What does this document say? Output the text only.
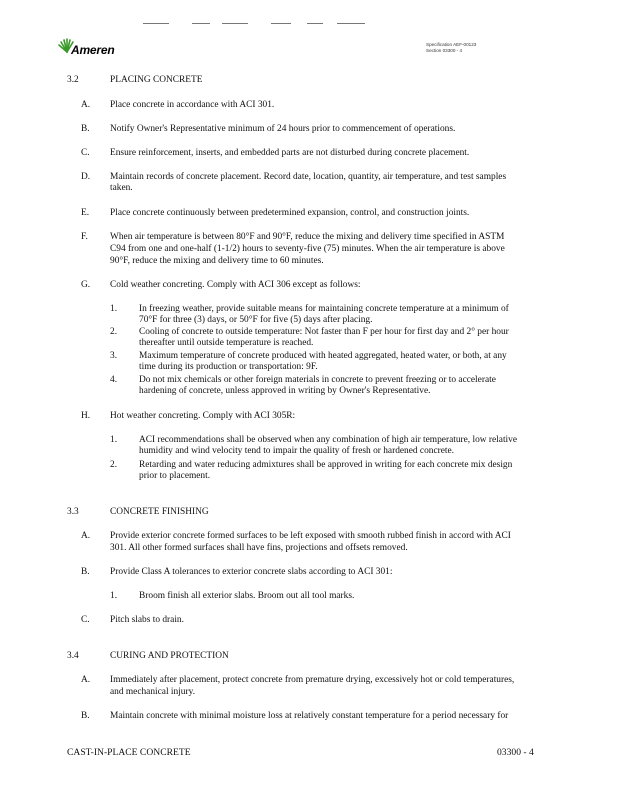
Ameren	Specification AEF-00123
Section 03300 - 4
3.2	PLACING CONCRETE
A. Place concrete in accordance with ACI 301.
B. Notify Owner's Representative minimum of 24 hours prior to commencement of operations.
C. Ensure reinforcement, inserts, and embedded parts are not disturbed during concrete placement.
D. Maintain records of concrete placement. Record date, location, quantity, air temperature, and test samples
taken.
E. Place concrete continuously between predetermined expansion, control, and construction joints.
F. When air temperature is between 80°F and 90°F, reduce the mixing and delivery time specified in ASTM
C94 from one and one-half (1-1/2) hours to seventy-five (75) minutes. When the air temperature is above
90°F, reduce the mixing and delivery time to 60 minutes.
G. Cold weather concreting. Comply with ACI 306 except as follows:
1. In freezing weather, provide suitable means for maintaining concrete temperature at a minimum of
70°F for three (3) days, or 50°F for five (5) days after placing.
2. Cooling of concrete to outside temperature: Not faster than F per hour for first day and 2° per hour
thereafter until outside temperature is reached.
3. Maximum temperature of concrete produced with heated aggregated, heated water, or both, at any
time during its production or transportation: 9F.
4. Do not mix chemicals or other foreign materials in concrete to prevent freezing or to accelerate
hardening of concrete, unless approved in writing by Owner's Representative.
H. Hot weather concreting. Comply with ACI 305R:
1. ACI recommendations shall be observed when any combination of high air temperature, low relative
humidity and wind velocity tend to impair the quality of fresh or hardened concrete.
2. Retarding and water reducing admixtures shall be approved in writing for each concrete mix design
prior to placement.
3.3	CONCRETE FINISHING
A. Provide exterior concrete formed surfaces to be left exposed with smooth rubbed finish in accord with ACI
301. All other formed surfaces shall have fins, projections and offsets removed.
B. Provide Class A tolerances to exterior concrete slabs according to ACI 301:
1. Broom finish all exterior slabs. Broom out all tool marks.
C. Pitch slabs to drain.
3.4	CURING AND PROTECTION
A. Immediately after placement, protect concrete from premature drying, excessively hot or cold temperatures,
and mechanical injury.
B. Maintain concrete with minimal moisture loss at relatively constant temperature for a period necessary for
CAST-IN-PLACE CONCRETE	03300 - 4
